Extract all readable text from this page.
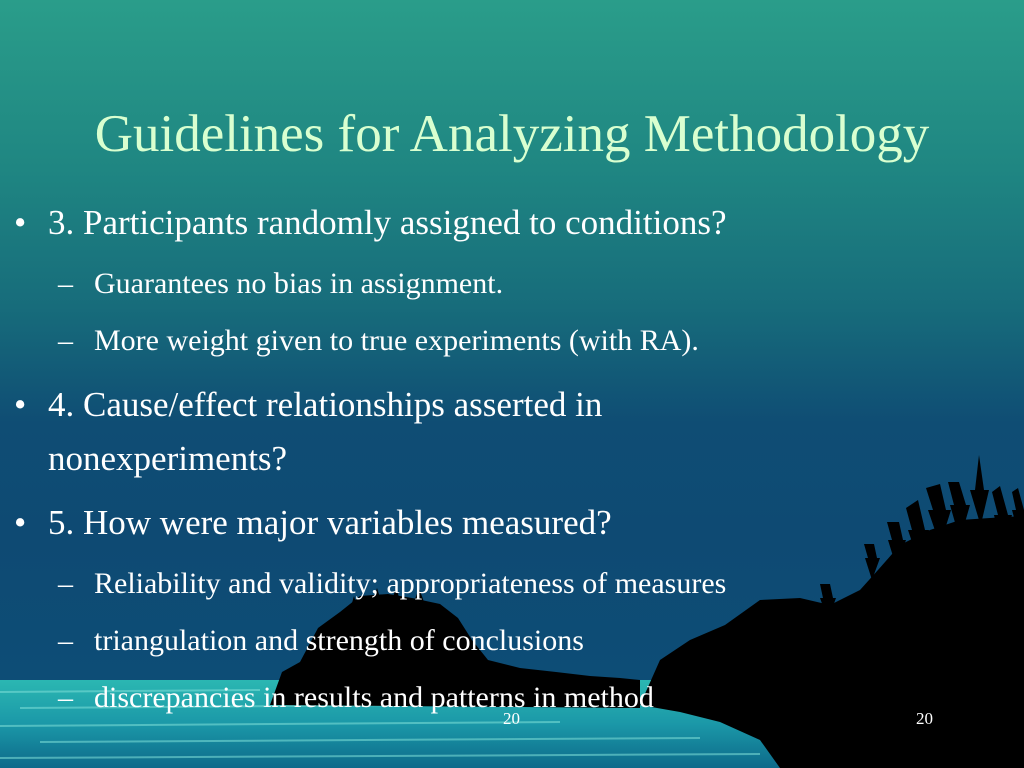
Guidelines for Analyzing Methodology
• 3. Participants randomly assigned to conditions?
– Guarantees no bias in assignment.
– More weight given to true experiments (with RA).
• 4. Cause/effect relationships asserted in nonexperiments?
• 5. How were major variables measured?
– Reliability and validity; appropriateness of measures
– triangulation and strength of conclusions
– discrepancies in results and patterns in method
20	20
